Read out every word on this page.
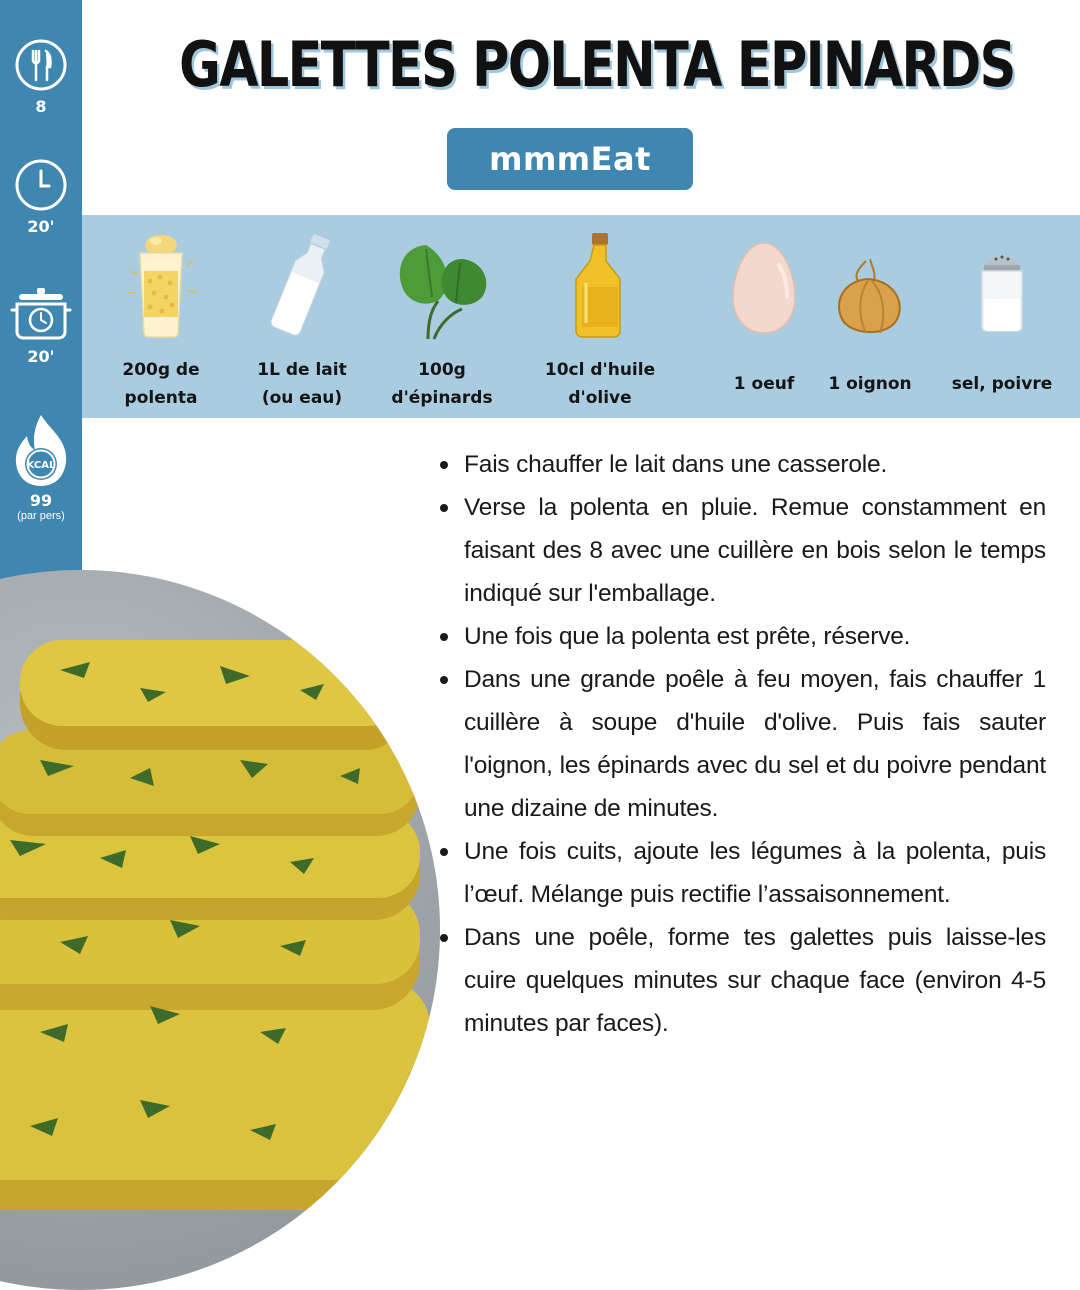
8
20'
20'
KCAL
99
(par pers)
GALETTES POLENTA EPINARDS
mmmEat
200g de polenta
1L de lait (ou eau)
100g d'épinards
10cl d'huile d'olive
1 oeuf	1 oignon	sel, poivre
Fais chauffer le lait dans une casserole.
Verse la polenta en pluie. Remue constamment en faisant des 8 avec une cuillère en bois selon le temps indiqué sur l'emballage.
Une fois que la polenta est prête, réserve.
Dans une grande poêle à feu moyen, fais chauffer 1 cuillère à soupe d'huile d'olive. Puis fais sauter l'oignon, les épinards avec du sel et du poivre pendant une dizaine de minutes.
Une fois cuits, ajoute les légumes à la polenta, puis l’œuf. Mélange puis rectifie l’assaisonnement.
Dans une poêle, forme tes galettes puis laisse-les cuire quelques minutes sur chaque face (environ 4-5 minutes par faces).
